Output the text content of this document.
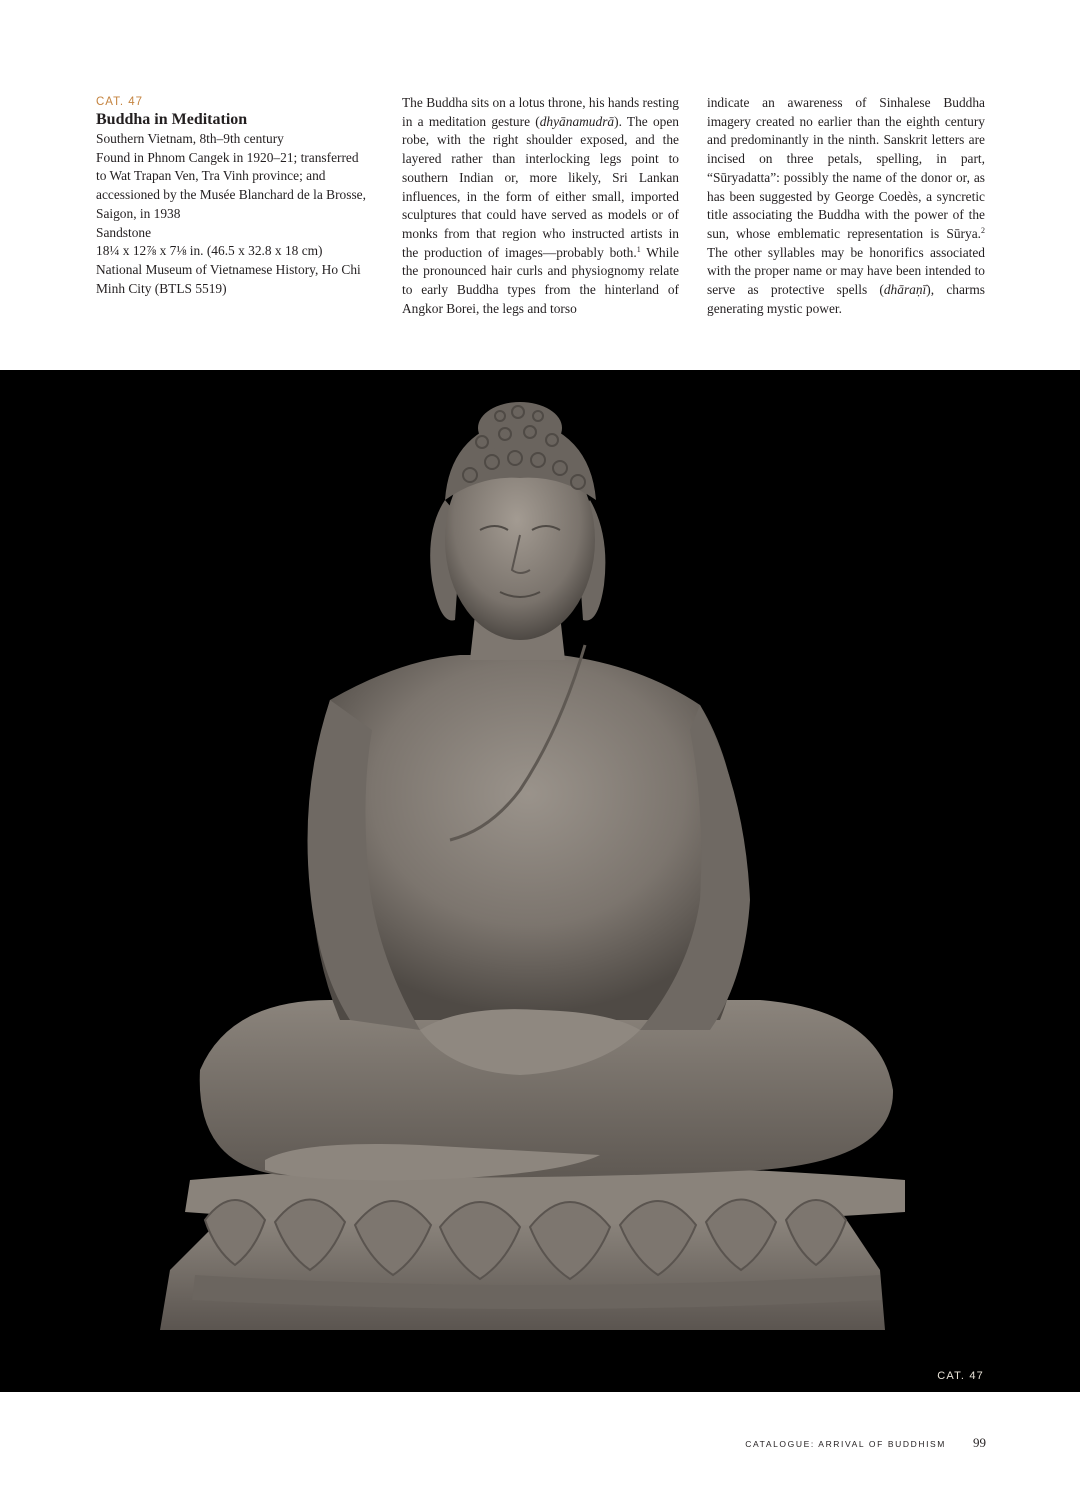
CAT. 47

Buddha in Meditation

Southern Vietnam, 8th–9th century

Found in Phnom Cangek in 1920–21; transferred to Wat Trapan Ven, Tra Vinh province; and accessioned by the Musée Blanchard de la Brosse, Saigon, in 1938

Sandstone

18¼ x 12⅞ x 7⅛ in. (46.5 x 32.8 x 18 cm)

National Museum of Vietnamese History, Ho Chi Minh City (BTLS 5519)

The Buddha sits on a lotus throne, his hands resting in a meditation gesture (dhyānamudrā). The open robe, with the right shoulder exposed, and the layered rather than interlocking legs point to southern Indian or, more likely, Sri Lankan influences, in the form of either small, imported sculptures that could have served as models or of monks from that region who instructed artists in the production of images—probably both.$^1$ While the pronounced hair curls and physiognomy relate to early Buddha types from the hinterland of Angkor Borei, the legs and torso

indicate an awareness of Sinhalese Buddha imagery created no earlier than the eighth century and predominantly in the ninth. Sanskrit letters are incised on three petals, spelling, in part, “Sūryadatta”: possibly the name of the donor or, as has been suggested by George Coedès, a syncretic title associating the Buddha with the power of the sun, whose emblematic representation is Sūrya.$^2$ The other syllables may be honorifics associated with the proper name or may have been intended to serve as protective spells (dhāraṇī), charms generating mystic power.

CAT. 47
CATALOGUE: ARRIVAL OF BUDDHISM	99
